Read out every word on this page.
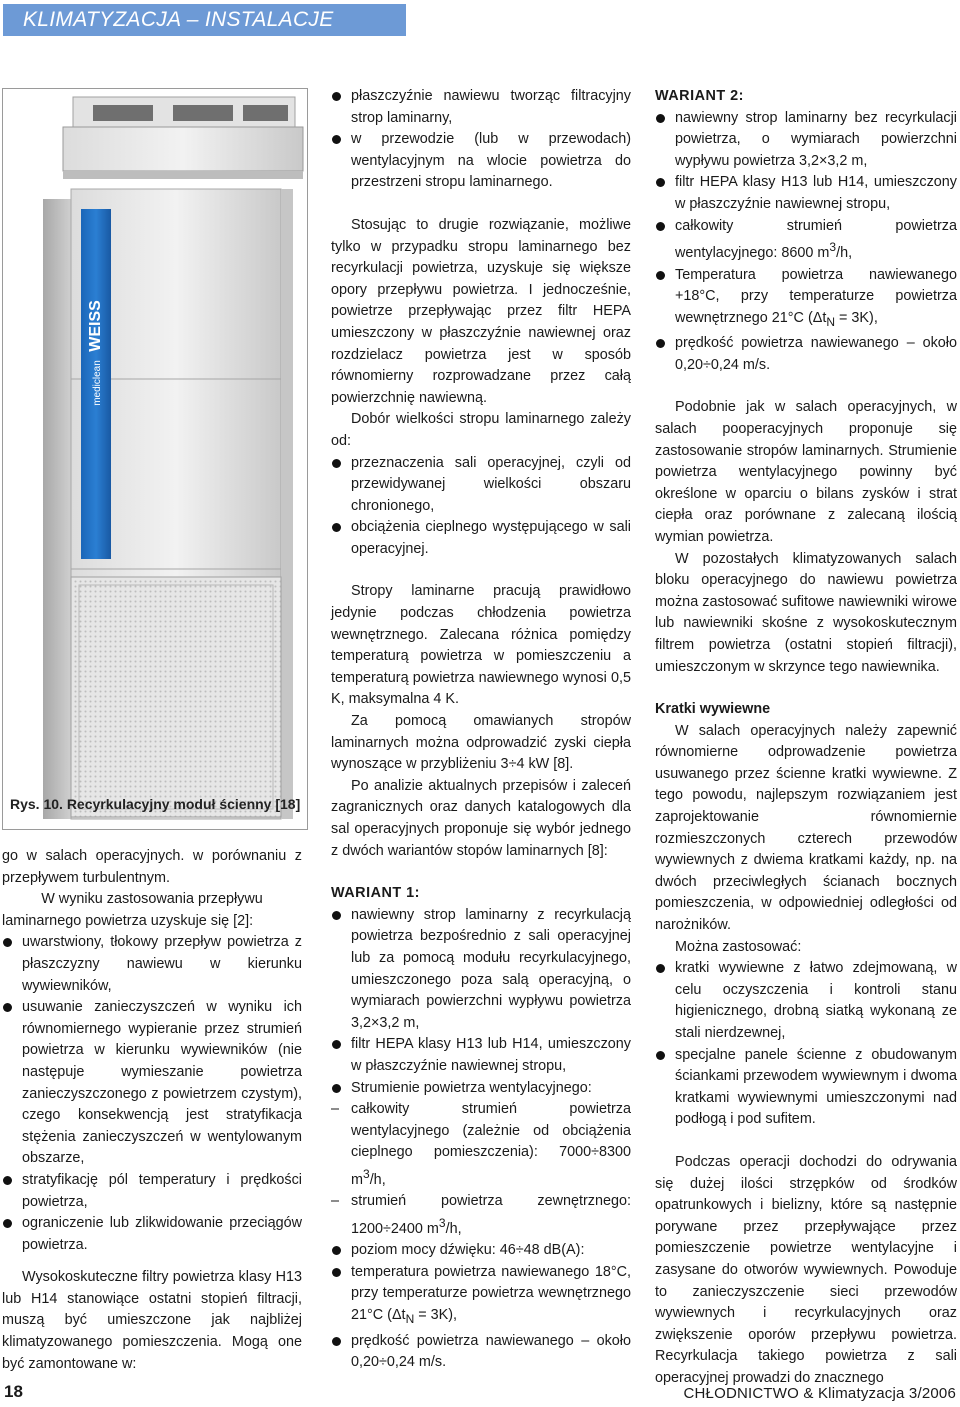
KLIMATYZACJA – INSTALACJE
mediclean WEISS
Rys. 10. Recyrkulacyjny moduł ścienny [18]
go w salach operacyjnych. w porównaniu z przepływem turbulentnym.
W wyniku zastosowania przepływu laminarnego powietrza uzyskuje się [2]:
uwarstwiony, tłokowy przepływ powietrza z płaszczyzny nawiewu w kierunku wywiewników,
usuwanie zanieczyszczeń w wyniku ich równomiernego wypieranie przez strumień powietrza w kierunku wywiewników (nie następuje wymieszanie powietrza zanieczyszczonego z powietrzem czystym), czego konsekwencją jest stratyfikacja stężenia zanieczyszczeń w wentylowanym obszarze,
stratyfikację pól temperatury i prędkości powietrza,
ograniczenie lub zlikwidowanie przeciągów powietrza.
Wysokoskuteczne filtry powietrza klasy H13 lub H14 stanowiące ostatni stopień filtracji, muszą być umieszczone jak najbliżej klimatyzowanego pomieszczenia. Mogą one być zamontowane w:
płaszczyźnie nawiewu tworząc filtracyjny strop laminarny,
w przewodzie (lub w przewodach) wentylacyjnym na wlocie powietrza do przestrzeni stropu laminarnego.
Stosując to drugie rozwiązanie, możliwe tylko w przypadku stropu laminarnego bez recyrkulacji powietrza, uzyskuje się większe opory przepływu powietrza. I jednocześnie, powietrze przepływając przez filtr HEPA umieszczony w płaszczyźnie nawiewnej oraz rozdzielacz powietrza jest w sposób równomierny rozprowadzane przez całą powierzchnię nawiewną.
Dobór wielkości stropu laminarnego zależy od:
przeznaczenia sali operacyjnej, czyli od przewidywanej wielkości obszaru chronionego,
obciążenia cieplnego występującego w sali operacyjnej.
Stropy laminarne pracują prawidłowo jedynie podczas chłodzenia powietrza wewnętrznego. Zalecana różnica pomiędzy temperaturą powietrza w pomieszczeniu a temperaturą powietrza nawiewnego wynosi 0,5 K, maksymalna 4 K.
Za pomocą omawianych stropów laminarnych można odprowadzić zyski ciepła wynoszące w przybliżeniu 3÷4 kW [8].
Po analizie aktualnych przepisów i zaleceń zagranicznych oraz danych katalogowych dla sal operacyjnych proponuje się wybór jednego z dwóch wariantów stopów laminarnych [8]:
WARIANT 1:
nawiewny strop laminarny z recyrkulacją powietrza bezpośrednio z sali operacyjnej lub za pomocą modułu recyrkulacyjnego, umieszczonego poza salą operacyjną, o wymiarach powierzchni wypływu powietrza 3,2×3,2 m,
filtr HEPA klasy H13 lub H14, umieszczony w płaszczyźnie nawiewnej stropu,
Strumienie powietrza wentylacyjnego:
– całkowity strumień powietrza wentylacyjnego (zależnie od obciążenia cieplnego pomieszczenia): 7000÷8300 $m^3/h$,
– strumień powietrza zewnętrznego: 1200÷2400 $m^3/h$,
poziom mocy dźwięku: 46÷48 dB(A):
temperatura powietrza nawiewanego 18°C, przy temperaturze powietrza wewnętrznego 21°C $(\Delta t_N = 3K)$,
prędkość powietrza nawiewanego – około 0,20÷0,24 m/s.
WARIANT 2:
nawiewny strop laminarny bez recyrkulacji powietrza, o wymiarach powierzchni wypływu powietrza 3,2×3,2 m,
filtr HEPA klasy H13 lub H14, umieszczony w płaszczyźnie nawiewnej stropu,
całkowity strumień powietrza wentylacyjnego: 8600 $m^3/h$,
Temperatura powietrza nawiewanego +18°C, przy temperaturze powietrza wewnętrznego 21°C $(\Delta t_N = 3K)$,
prędkość powietrza nawiewanego – około 0,20÷0,24 m/s.
Podobnie jak w salach operacyjnych, w salach pooperacyjnych proponuje się zastosowanie stropów laminarnych. Strumienie powietrza wentylacyjnego powinny być określone w oparciu o bilans zysków i strat ciepła oraz porównane z zalecaną ilością wymian powietrza.
W pozostałych klimatyzowanych salach bloku operacyjnego do nawiewu powietrza można zastosować sufitowe nawiewniki wirowe lub nawiewniki skośne z wysokoskutecznym filtrem powietrza (ostatni stopień filtracji), umieszczonym w skrzynce tego nawiewnika.
Kratki wywiewne
W salach operacyjnych należy zapewnić równomierne odprowadzenie powietrza usuwanego przez ścienne kratki wywiewne. Z tego powodu, najlepszym rozwiązaniem jest zaprojektowanie równomiernie rozmieszczonych czterech przewodów wywiewnych z dwiema kratkami każdy, np. na dwóch przeciwległych ścianach bocznych pomieszczenia, w odpowiedniej odległości od narożników.
Można zastosować:
kratki wywiewne z łatwo zdejmowaną, w celu oczyszczenia i kontroli stanu higienicznego, drobną siatką wykonaną ze stali nierdzewnej,
specjalne panele ścienne z obudowanym ściankami przewodem wywiewnym i dwoma kratkami wywiewnymi umieszczonymi nad podłogą i pod sufitem.
Podczas operacji dochodzi do odrywania się dużej ilości strzępków od środków opatrunkowych i bielizny, które są następnie porywane przez przepływające przez pomieszczenie powietrze wentylacyjne i zasysane do otworów wywiewnych. Powoduje to zanieczyszczenie sieci przewodów wywiewnych i recyrkulacyjnych oraz zwiększenie oporów przepływu powietrza. Recyrkulacja takiego powietrza z sali operacyjnej prowadzi do znacznego
18	CHŁODNICTWO & Klimatyzacja 3/2006
